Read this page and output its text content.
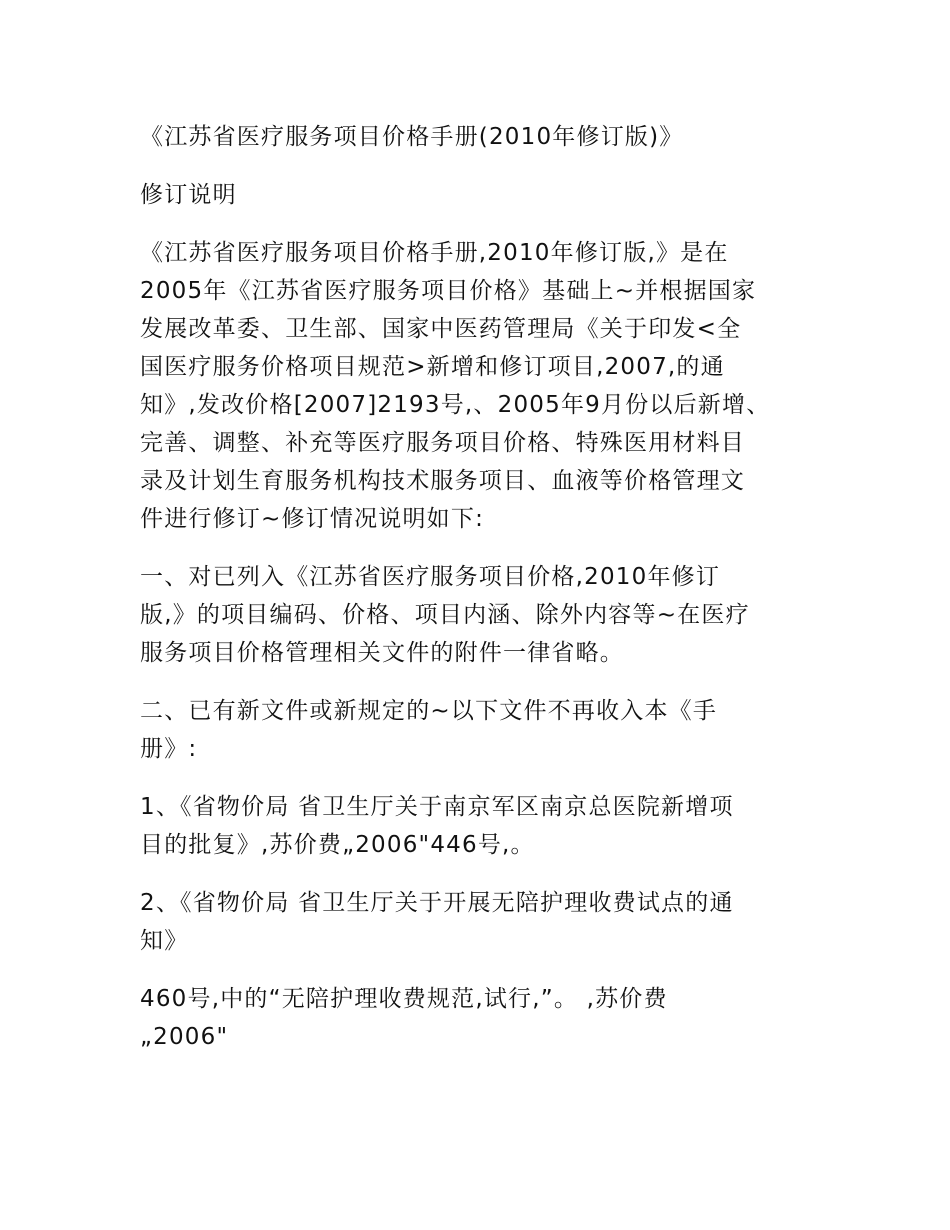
《江苏省医疗服务项目价格手册(2010年修订版)》
修订说明
《江苏省医疗服务项目价格手册,2010年修订版,》是在
2005年《江苏省医疗服务项目价格》基础上~并根据国家
发展改革委、卫生部、国家中医药管理局《关于印发<全
国医疗服务价格项目规范>新增和修订项目,2007,的通
知》,发改价格[2007]2193号,、2005年9月份以后新增、
完善、调整、补充等医疗服务项目价格、特殊医用材料目
录及计划生育服务机构技术服务项目、血液等价格管理文
件进行修订~修订情况说明如下:
一、对已列入《江苏省医疗服务项目价格,2010年修订
版,》的项目编码、价格、项目内涵、除外内容等~在医疗
服务项目价格管理相关文件的附件一律省略。
二、已有新文件或新规定的~以下文件不再收入本《手
册》:
1、《省物价局 省卫生厅关于南京军区南京总医院新增项
目的批复》,苏价费„2006"446号,。
2、《省物价局 省卫生厅关于开展无陪护理收费试点的通
知》
460号,中的“无陪护理收费规范,试行,”。 ,苏价费
„2006"
